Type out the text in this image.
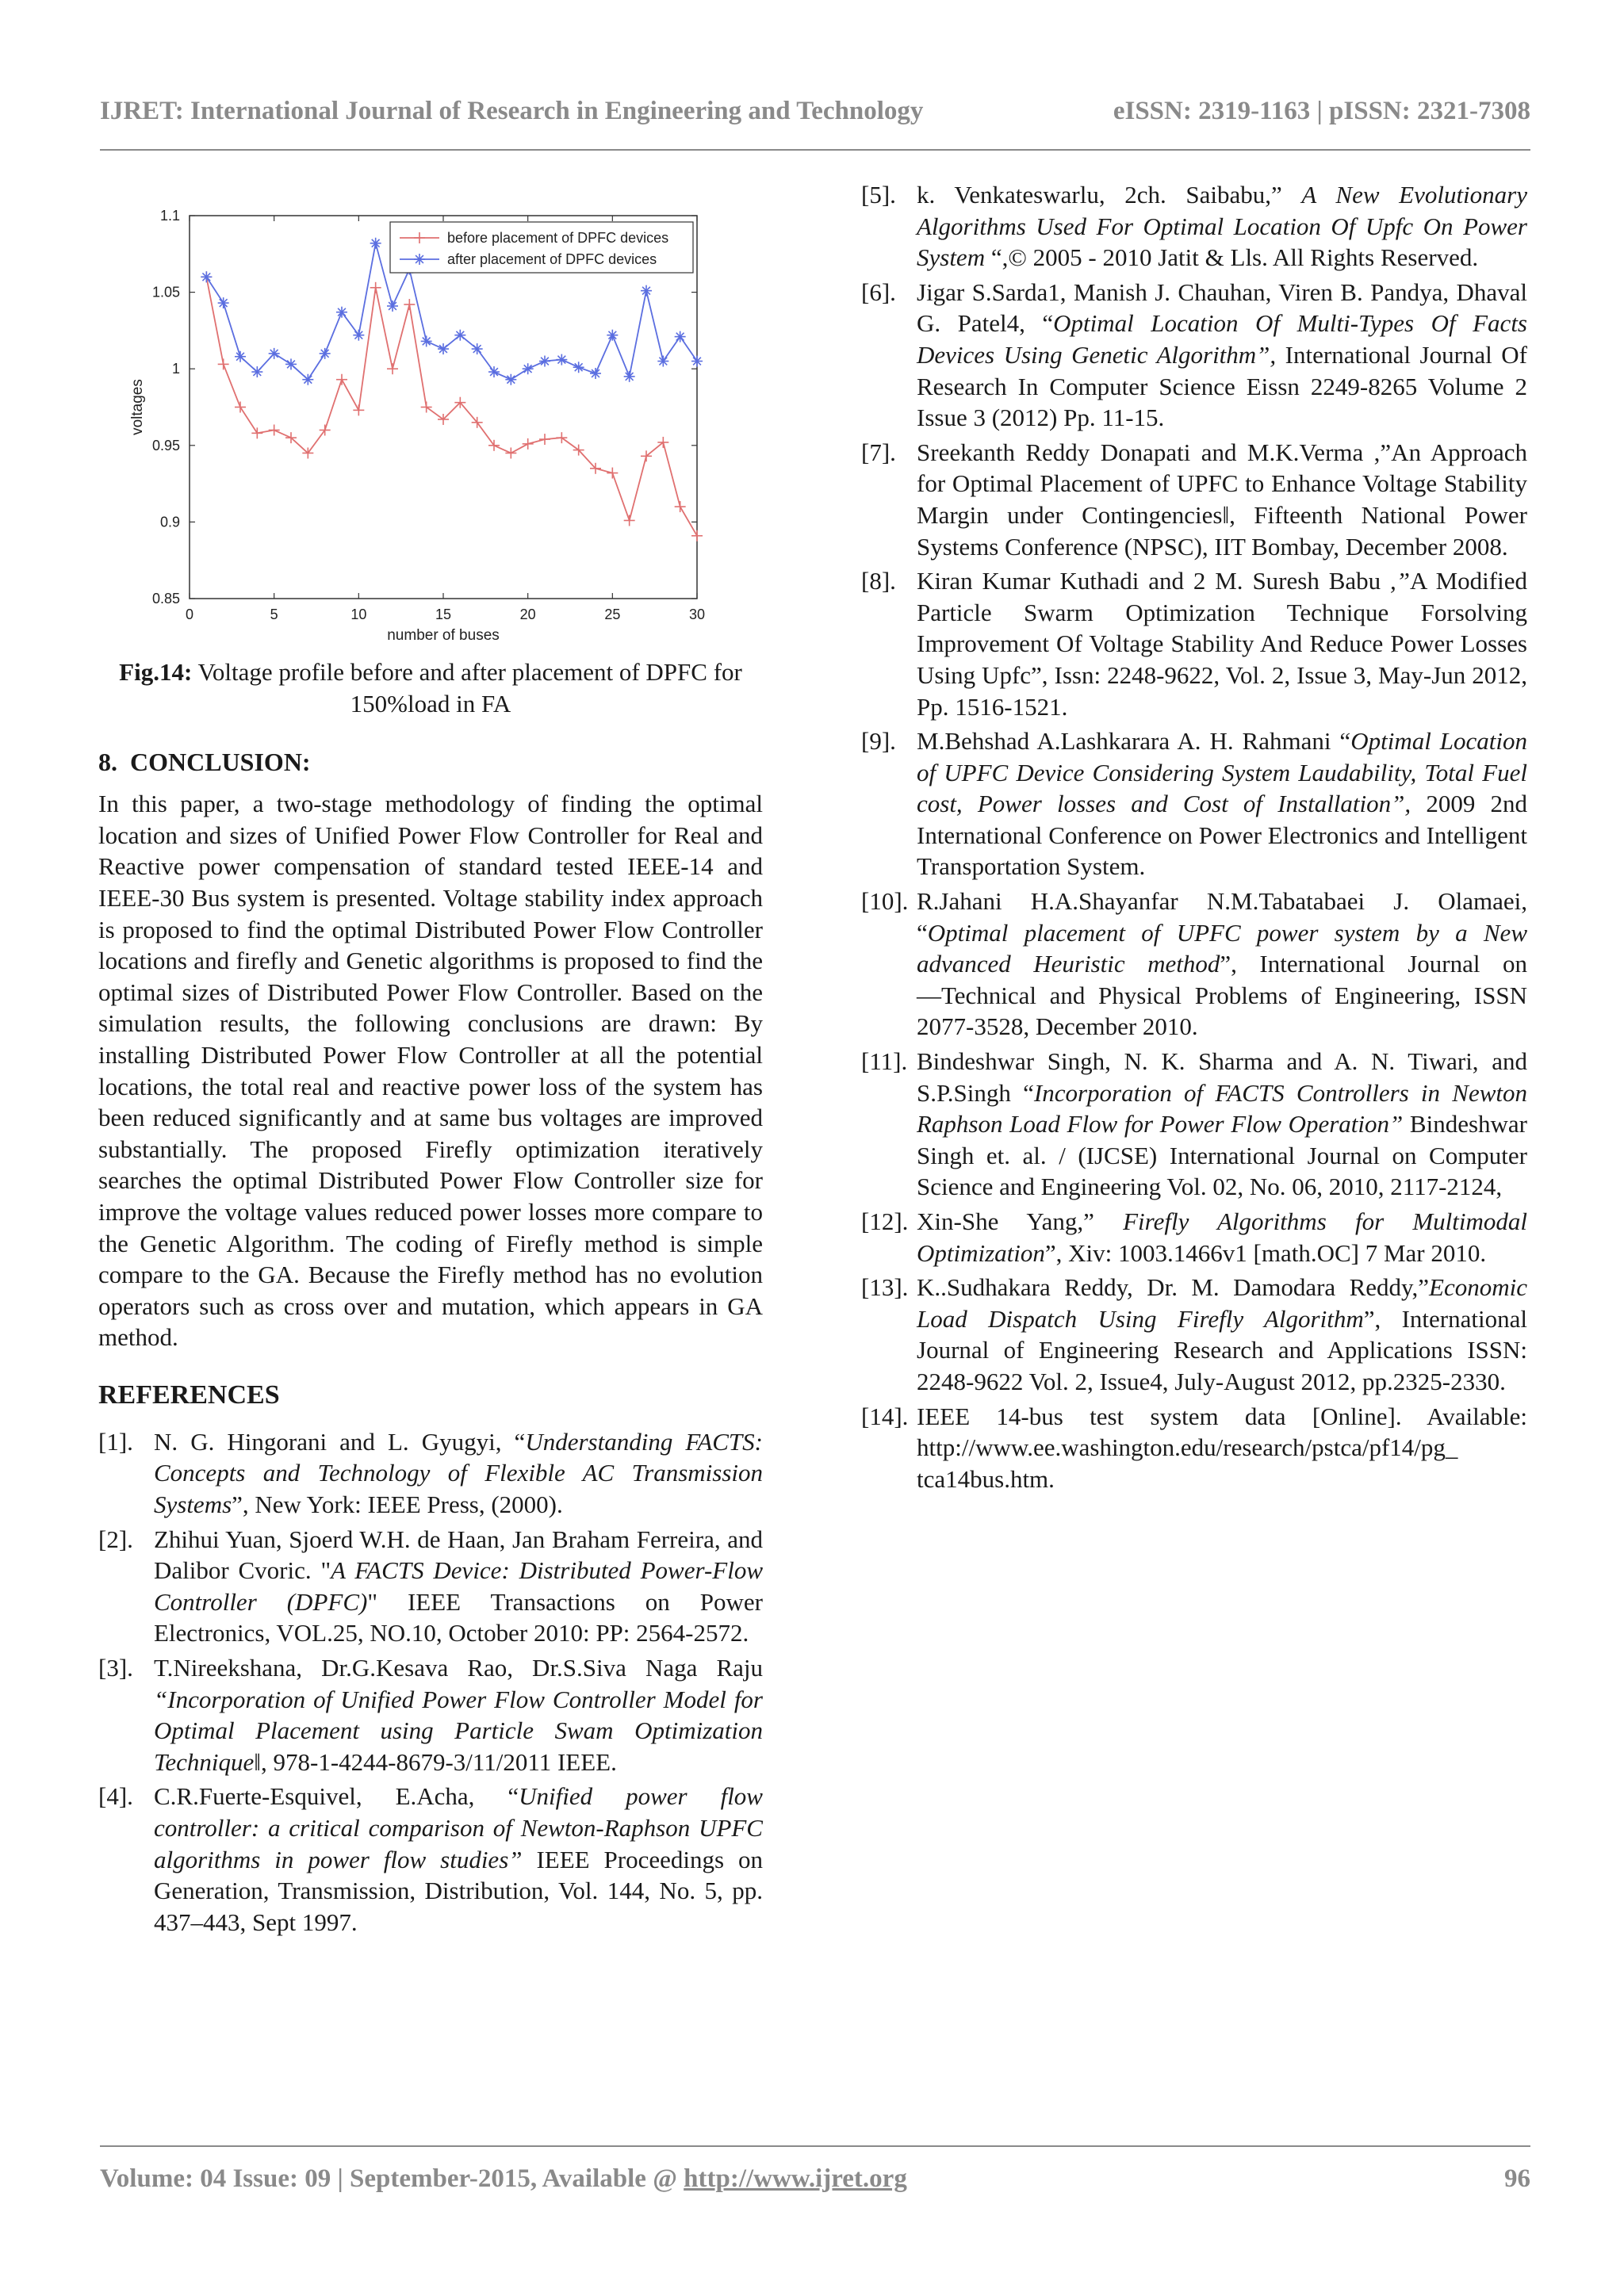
IJRET: International Journal of Research in Engineering and Technology	eISSN: 2319-1163 | pISSN: 2321-7308
0	5	10	15	20	25	30
0.85
0.9
0.95
1
1.05
1.1
number of buses
voltages
before placement of DPFC devices
after placement of DPFC devices

Fig.14: Voltage profile before and after placement of DPFC for 150%load in FA

8. CONCLUSION:

In this paper, a two-stage methodology of finding the optimal location and sizes of Unified Power Flow Controller for Real and Reactive power compensation of standard tested IEEE-14 and IEEE-30 Bus system is presented. Voltage stability index approach is proposed to find the optimal Distributed Power Flow Controller locations and firefly and Genetic algorithms is proposed to find the optimal sizes of Distributed Power Flow Controller. Based on the simulation results, the following conclusions are drawn: By installing Distributed Power Flow Controller at all the potential locations, the total real and reactive power loss of the system has been reduced significantly and at same bus voltages are improved substantially. The proposed Firefly optimization iteratively searches the optimal Distributed Power Flow Controller size for improve the voltage values reduced power losses more compare to the Genetic Algorithm. The coding of Firefly method is simple compare to the GA. Because the Firefly method has no evolution operators such as cross over and mutation, which appears in GA method.

REFERENCES
[1]. N. G. Hingorani and L. Gyugyi, “Understanding FACTS: Concepts and Technology of Flexible AC Transmission Systems”, New York: IEEE Press, (2000).
[2]. Zhihui Yuan, Sjoerd W.H. de Haan, Jan Braham Ferreira, and Dalibor Cvoric. "A FACTS Device: Distributed Power-Flow Controller (DPFC)" IEEE Transactions on Power Electronics, VOL.25, NO.10, October 2010: PP: 2564-2572.
[3]. T.Nireekshana, Dr.G.Kesava Rao, Dr.S.Siva Naga Raju “Incorporation of Unified Power Flow Controller Model for Optimal Placement using Particle Swam Optimization Technique‖, 978-1-4244-8679-3/11/2011 IEEE.
[4]. C.R.Fuerte-Esquivel, E.Acha, “Unified power flow controller: a critical comparison of Newton-Raphson UPFC algorithms in power flow studies” IEEE Proceedings on Generation, Transmission, Distribution, Vol. 144, No. 5, pp. 437–443, Sept 1997.
[5]. k. Venkateswarlu, 2ch. Saibabu,” A New Evolutionary Algorithms Used For Optimal Location Of Upfc On Power System “,© 2005 - 2010 Jatit & Lls. All Rights Reserved.
[6]. Jigar S.Sarda1, Manish J. Chauhan, Viren B. Pandya, Dhaval G. Patel4, “Optimal Location Of Multi-Types Of Facts Devices Using Genetic Algorithm”, International Journal Of Research In Computer Science Eissn 2249-8265 Volume 2 Issue 3 (2012) Pp. 11-15.
[7]. Sreekanth Reddy Donapati and M.K.Verma ,”An Approach for Optimal Placement of UPFC to Enhance Voltage Stability Margin under Contingencies‖, Fifteenth National Power Systems Conference (NPSC), IIT Bombay, December 2008.
[8]. Kiran Kumar Kuthadi and 2 M. Suresh Babu ,”A Modified Particle Swarm Optimization Technique Forsolving Improvement Of Voltage Stability And Reduce Power Losses Using Upfc”, Issn: 2248-9622, Vol. 2, Issue 3, May-Jun 2012, Pp. 1516-1521.
[9]. M.Behshad A.Lashkarara A. H. Rahmani “Optimal Location of UPFC Device Considering System Laudability, Total Fuel cost, Power losses and Cost of Installation”, 2009 2nd International Conference on Power Electronics and Intelligent Transportation System.
[10]. R.Jahani H.A.Shayanfar N.M.Tabatabaei J. Olamaei, “Optimal placement of UPFC power system by a New advanced Heuristic method”, International Journal on ―Technical and Physical Problems of Engineering, ISSN 2077-3528, December 2010.
[11]. Bindeshwar Singh, N. K. Sharma and A. N. Tiwari, and S.P.Singh “Incorporation of FACTS Controllers in Newton Raphson Load Flow for Power Flow Operation” Bindeshwar Singh et. al. / (IJCSE) International Journal on Computer Science and Engineering Vol. 02, No. 06, 2010, 2117-2124,
[12]. Xin-She Yang,” Firefly Algorithms for Multimodal Optimization”, Xiv: 1003.1466v1 [math.OC] 7 Mar 2010.
[13]. K..Sudhakara Reddy, Dr. M. Damodara Reddy,”Economic Load Dispatch Using Firefly Algorithm”, International Journal of Engineering Research and Applications ISSN: 2248-9622 Vol. 2, Issue4, July-August 2012, pp.2325-2330.
[14]. IEEE 14-bus test system data [Online]. Available: http://www.ee.washington.edu/research/pstca/pf14/pg_ tca14bus.htm.
Volume: 04 Issue: 09 | September-2015, Available @ http://www.ijret.org	96
